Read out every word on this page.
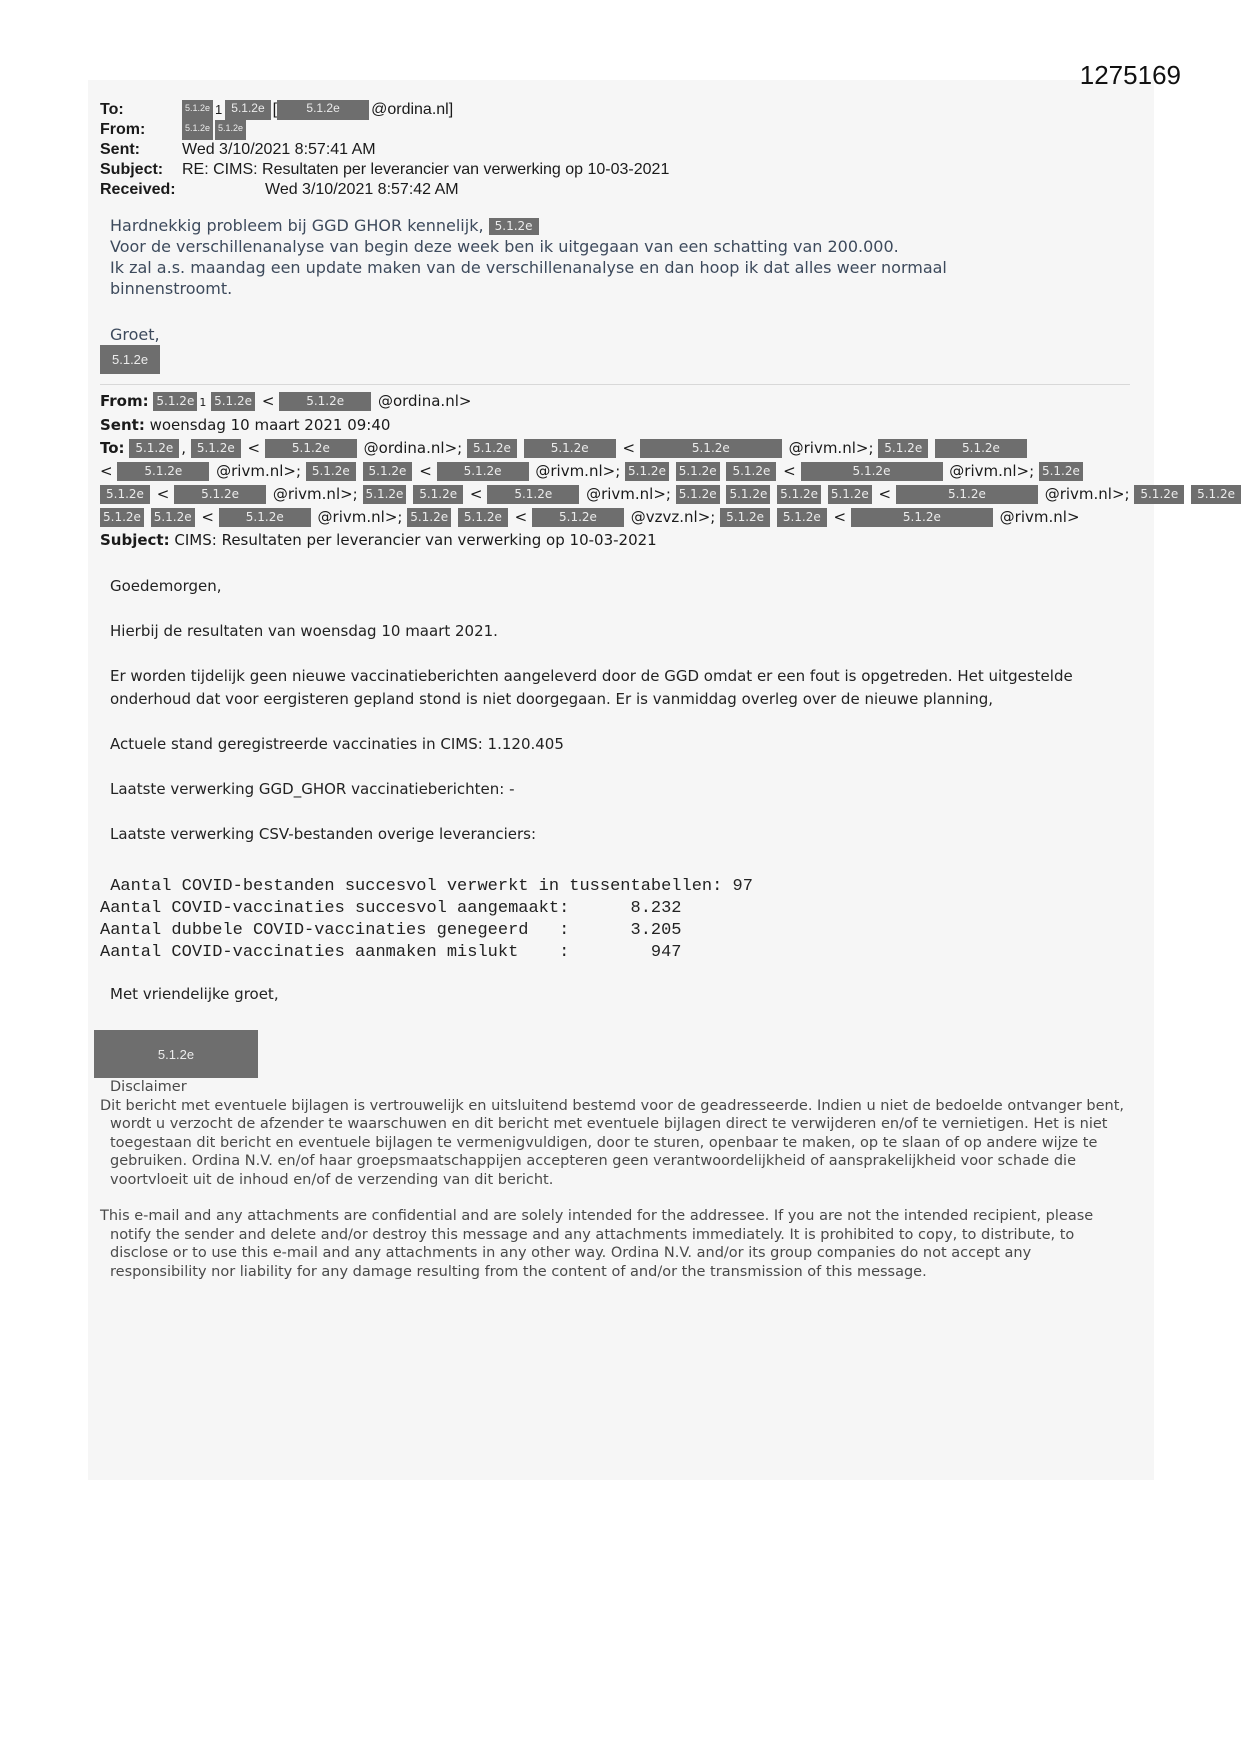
1275169
To:	5.1.2e 1 5.1.2e [	5.1.2e	@ordina.nl]
From:	5.1.2e 5.1.2e
Sent:	Wed 3/10/2021 8:57:41 AM
Subject:	RE: CIMS: Resultaten per leverancier van verwerking op 10-03-2021
Received:	Wed 3/10/2021 8:57:42 AM

Hardnekkig probleem bij GGD GHOR kennelijk, 5.1.2e

Voor de verschillenanalyse van begin deze week ben ik uitgegaan van een schatting van 200.000.

Ik zal a.s. maandag een update maken van de verschillenanalyse en dan hoop ik dat alles weer normaal

binnenstroomt.

Groet,
5.1.2e
From: 5.1.2e 1 5.1.2e <	5.1.2e @ordina.nl>
Sent: woensdag 10 maart 2021 09:40
To: 5.1.2e , 5.1.2e <	5.1.2e @ordina.nl>; 5.1.2e	5.1.2e <	5.1.2e	@rivm.nl>; 5.1.2e	5.1.2e
<	5.1.2e @rivm.nl>; 5.1.2e 5.1.2e <	5.1.2e @rivm.nl>; 5.1.2e 5.1.2e 5.1.2e <	5.1.2e	@rivm.nl>; 5.1.2e
5.1.2e <	5.1.2e @rivm.nl>; 5.1.2e 5.1.2e <	5.1.2e @rivm.nl>; 5.1.2e 5.1.2e 5.1.2e 5.1.2e <	5.1.2e	@rivm.nl>; 5.1.2e 5.1.2e
5.1.2e 5.1.2e <	5.1.2e @rivm.nl>; 5.1.2e 5.1.2e <	5.1.2e @vzvz.nl>; 5.1.2e 5.1.2e <	5.1.2e	@rivm.nl>
Subject: CIMS: Resultaten per leverancier van verwerking op 10-03-2021

Goedemorgen,

Hierbij de resultaten van woensdag 10 maart 2021.

Er worden tijdelijk geen nieuwe vaccinatieberichten aangeleverd door de GGD omdat er een fout is opgetreden. Het uitgestelde onderhoud dat voor eergisteren gepland stond is niet doorgegaan. Er is vanmiddag overleg over de nieuwe planning,

Actuele stand geregistreerde vaccinaties in CIMS: 1.120.405

Laatste verwerking GGD_GHOR vaccinatieberichten: -

Laatste verwerking CSV-bestanden overige leveranciers:

Aantal COVID-bestanden succesvol verwerkt in tussentabellen: 97
Aantal COVID-vaccinaties succesvol aangemaakt:      8.232
Aantal dubbele COVID-vaccinaties genegeerd   :      3.205
Aantal COVID-vaccinaties aanmaken mislukt    :        947
Met vriendelijke groet,
5.1.2e
Disclaimer

Dit bericht met eventuele bijlagen is vertrouwelijk en uitsluitend bestemd voor de geadresseerde. Indien u niet de bedoelde ontvanger bent, wordt u verzocht de afzender te waarschuwen en dit bericht met eventuele bijlagen direct te verwijderen en/of te vernietigen. Het is niet toegestaan dit bericht en eventuele bijlagen te vermenigvuldigen, door te sturen, openbaar te maken, op te slaan of op andere wijze te gebruiken. Ordina N.V. en/of haar groepsmaatschappijen accepteren geen verantwoordelijkheid of aansprakelijkheid voor schade die voortvloeit uit de inhoud en/of de verzending van dit bericht.

This e-mail and any attachments are confidential and are solely intended for the addressee. If you are not the intended recipient, please notify the sender and delete and/or destroy this message and any attachments immediately. It is prohibited to copy, to distribute, to disclose or to use this e-mail and any attachments in any other way. Ordina N.V. and/or its group companies do not accept any responsibility nor liability for any damage resulting from the content of and/or the transmission of this message.
